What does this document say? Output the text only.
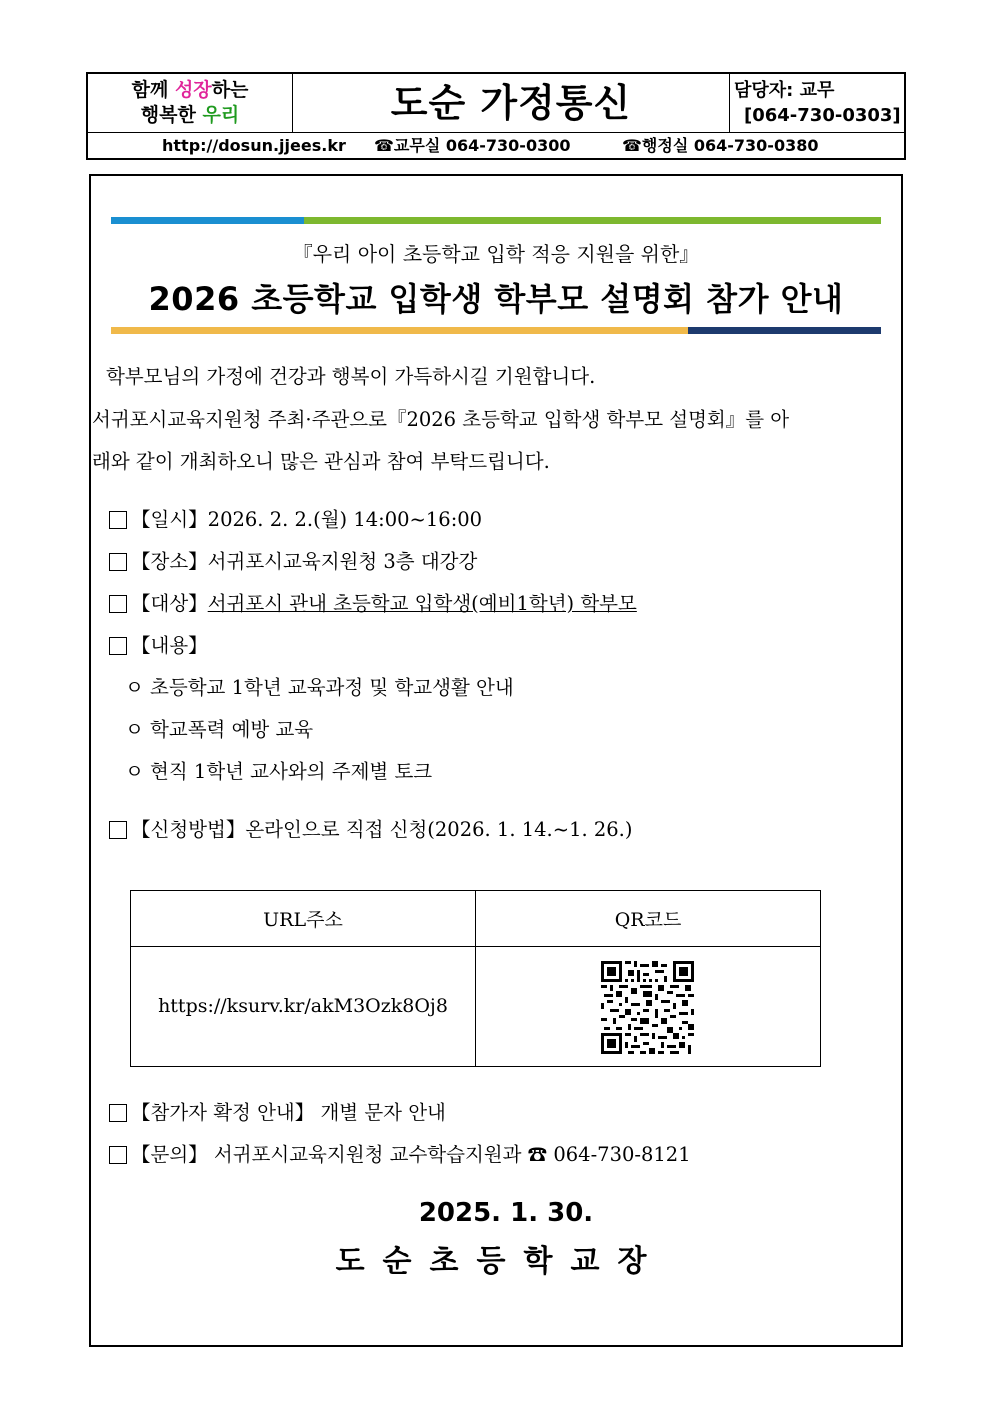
함께 성장하는
행복한 우리	도순 가정통신	담당자: 교무
[064-730-0303]
http://dosun.jjees.kr ☎교무실 064-730-0300	☎행정실 064-730-0380
『우리 아이 초등학교 입학 적응 지원을 위한』
2026 초등학교 입학생 학부모 설명회 참가 안내
학부모님의 가정에 건강과 행복이 가득하시길 기원합니다.
서귀포시교육지원청 주최·주관으로『2026 초등학교 입학생 학부모 설명회』를 아
래와 같이 개최하오니 많은 관심과 참여 부탁드립니다.
【일시】2026. 2. 2.(월) 14:00~16:00
【장소】서귀포시교육지원청 3층 대강강
【대상】서귀포시 관내 초등학교 입학생(예비1학년) 학부모
【내용】
ㅇ 초등학교 1학년 교육과정 및 학교생활 안내
ㅇ 학교폭력 예방 교육
ㅇ 현직 1학년 교사와의 주제별 토크
【신청방법】온라인으로 직접 신청(2026. 1. 14.~1. 26.)
URL주소	QR코드
https://ksurv.kr/akM3Ozk8Oj8
【참가자 확정 안내】 개별 문자 안내
【문의】 서귀포시교육지원청 교수학습지원과 ☎ 064-730-8121
2025. 1. 30.
도순초등학교장
